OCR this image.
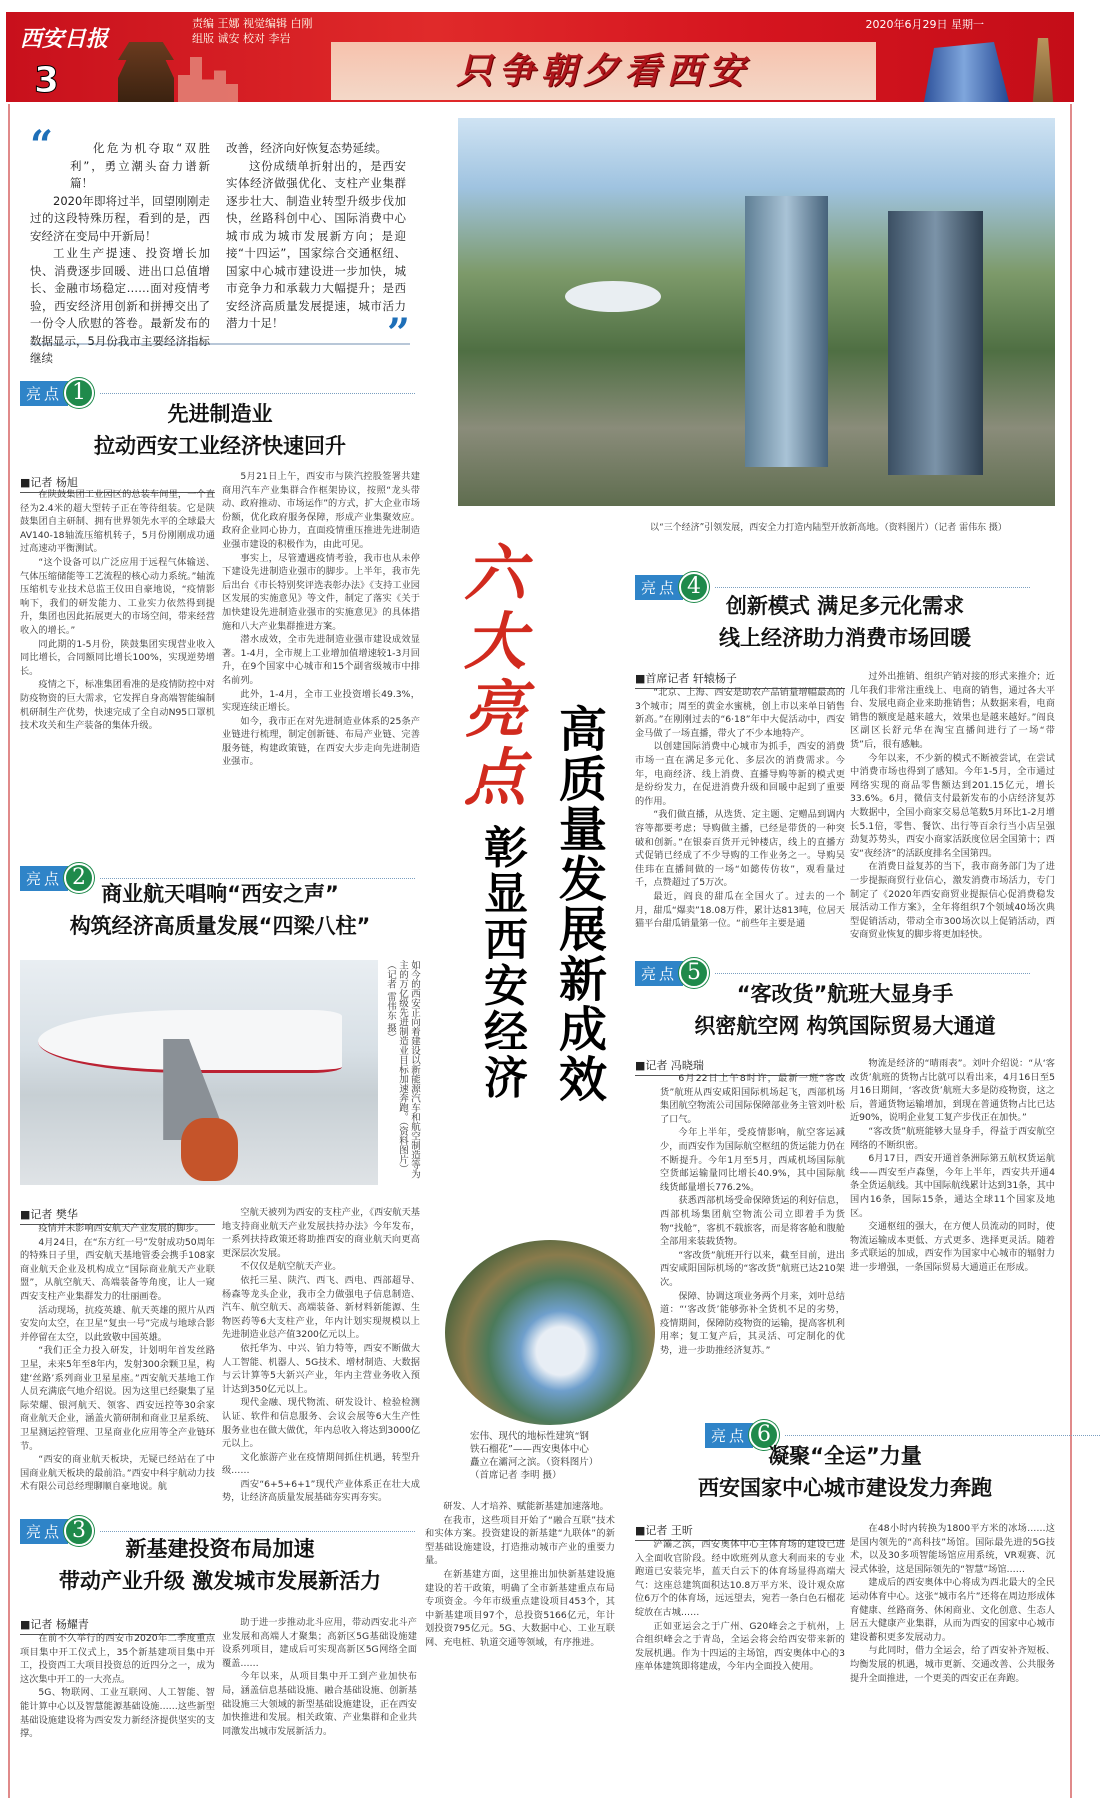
西安日报
3
责编 王娜 视觉编辑 白刚
组版 诚安 校对 李岩
只争朝夕看西安
2020年6月29日 星期一
“
”

化危为机夺取“双胜利”，勇立潮头奋力谱新篇！

2020年即将过半，回望刚刚走过的这段特殊历程，看到的是，西安经济在变局中开新局！

工业生产提速、投资增长加快、消费逐步回暖、进出口总值增长、金融市场稳定……面对疫情考验，西安经济用创新和拼搏交出了一份令人欣慰的答卷。最新发布的数据显示，5月份我市主要经济指标继续

改善，经济向好恢复态势延续。

这份成绩单折射出的，是西安实体经济做强优化、支柱产业集群逐步壮大、制造业转型升级步伐加快，丝路科创中心、国际消费中心城市成为城市发展新方向；是迎接“十四运”，国家综合交通枢纽、国家中心城市建设进一步加快，城市竞争力和承载力大幅提升；是西安经济高质量发展提速，城市活力潜力十足！

以“三个经济”引领发展，西安全力打造内陆型开放新高地。（资料图片）（记者 雷伟东 摄）
六大亮点
高质量发展新成效
彰显西安经济
亮点 1
先进制造业
拉动西安工业经济快速回升
■记者 杨旭

在陕鼓集团工业园区的总装车间里，一个直径为2.4米的超大型转子正在等待组装。它是陕鼓集团自主研制、拥有世界领先水平的全球最大AV140-18轴流压缩机转子，5月份刚刚成功通过高速动平衡测试。

“这个设备可以广泛应用于远程气体输送、气体压缩储能等工艺流程的核心动力系统。”轴流压缩机专业技术总监王仪田自豪地说，“疫情影响下，我们的研发能力、工业实力依然得到提升，集团也因此拓展更大的市场空间，带来经营收入的增长。”

同此期的1-5月份，陕鼓集团实现营业收入同比增长，合同额同比增长100%，实现逆势增长。

疫情之下，标准集团看准的是疫情防控中对防疫物资的巨大需求，它发挥自身高端智能编制机研制生产优势，快速完成了全自动N95口罩机技术攻关和生产装备的集体升级。

5月21日上午，西安市与陕汽控股签署共建商用汽车产业集群合作框架协议，按照“龙头带动、政府推动、市场运作”的方式，扩大企业市场份额，优化政府服务保障，形成产业集聚效应。政府企业同心协力，直面疫情重压推进先进制造业强市建设的积极作为，由此可见。

事实上，尽管遭遇疫情考验，我市也从未停下建设先进制造业强市的脚步。上半年，我市先后出台《市长特别奖评选表彰办法》《支持工业园区发展的实施意见》等文件，制定了落实《关于加快建设先进制造业强市的实施意见》的具体措施和八大产业集群推进方案。

潜水成效，全市先进制造业强市建设成效显著。1-4月，全市规上工业增加值增速较1-3月回升，在9个国家中心城市和15个副省级城市中排名前列。

此外，1-4月，全市工业投资增长49.3%，实现连续正增长。

如今，我市正在对先进制造业体系的25条产业链进行梳理，制定创新链、布局产业链、完善服务链，构建政策链，在西安大步走向先进制造业强市。

亮点 2
商业航天唱响“西安之声”
构筑经济高质量发展“四梁八柱”
■记者 樊华

疫情并未影响西安航天产业发展的脚步。

4月24日，在“东方红一号”发射成功50周年的特殊日子里，西安航天基地管委会携手108家商业航天企业及机构成立“国际商业航天产业联盟”，从航空航天、高端装备等角度，让人一窥西安支柱产业集群发力的壮丽画卷。

活动现场，抗疫英雄、航天英雄的照片从西安发向太空，在卫星“复虫一号”完成与地球合影并停留在太空，以此致敬中国英雄。

“我们正全力投入研发，计划明年首发丝路卫星，未来5年至8年内，发射300余颗卫星，构建‘丝路’系列商业卫星星座。”西安航天基地工作人员充满底气地介绍说。因为这里已经聚集了星际荣耀、银河航天、领客、西安远控等30余家商业航天企业，涵盖火箭研制和商业卫星系统、卫星测运控管理、卫星商业化应用等全产业链环节。

“西安的商业航天板块，无疑已经站在了中国商业航天板块的最前沿。”西安中科宇航动力技术有限公司总经理聊顺自豪地说。航

空航天被列为西安的支柱产业，《西安航天基地支持商业航天产业发展扶持办法》今年发布，一系列扶持政策还将助推西安的商业航天向更高更深层次发展。

不仅仅是航空航天产业。

依托三星、陕汽、西飞、西电、西部超导、杨森等龙头企业，我市全力做强电子信息制造、汽车、航空航天、高端装备、新材料新能源、生物医药等6大支柱产业，年内计划实现规模以上先进制造业总产值3200亿元以上。

依托华为、中兴、铂力特等，西安不断做大人工智能、机器人、5G技术、增材制造、大数据与云计算等5大新兴产业，年内主营业务收入预计达到350亿元以上。

现代金融、现代物流、研发设计、检验检测认证、软件和信息服务、会议会展等6大生产性服务业也在做大做优，年内总收入将达到3000亿元以上。

文化旅游产业在疫情期间抓住机遇，转型升级……

西安“6+5+6+1”现代产业体系正在壮大成势，让经济高质量发展基础夯实再夯实。

亮点 3
新基建投资布局加速
带动产业升级 激发城市发展新活力
■记者 杨耀青

在前不久举行的西安市2020年二季度重点项目集中开工仪式上，35个新基建项目集中开工，投资西工大项目投资总的近四分之一，成为这次集中开工的一大亮点。

5G、物联网、工业互联网、人工智能、智能计算中心以及智慧能源基础设施……这些新型基础设施建设将为西安发力新经济提供坚实的支撑。

助于进一步推动北斗应用，带动西安北斗产业发展和高端人才聚集；高新区5G基础设施建设系列项目，建成后可实现高新区5G网络全面覆盖……

今年以来，从项目集中开工到产业加快布局，涵盖信息基础设施、融合基础设施、创新基础设施三大领域的新型基础设施建设，正在西安加快推进和发展。相关政策、产业集群和企业共同激发出城市发展新活力。

研发、人才培养、赋能新基建加速落地。

在我市，这些项目开始了“融合互联”技术和实体方案。投资建设的新基建“九联体”的新型基础设施建设，打造推动城市产业的重要力量。

在新基建方面，这里推出加快新基建设施建设的若干政策，明确了全市新基建重点布局专项资金。今年市级重点建设项目453个，其中新基建项目97个，总投资5166亿元，年计划投资795亿元。5G、大数据中心、工业互联网、充电桩、轨道交通等领域，有序推进。

亮点 4
创新模式 满足多元化需求
线上经济助力消费市场回暖
■首席记者 轩辕杨子

“北京、上海、西安是助农产品销量增幅最高的3个城市；周至的黄金水蜜桃，创上市以来单日销售新高。”在刚刚过去的“6·18”年中大促活动中，西安金马做了一场直播，带火了不少本地特产。

以创建国际消费中心城市为抓手，西安的消费市场一直在满足多元化、多层次的消费需求。今年，电商经济、线上消费、直播导购等新的模式更是纷纷发力，在促进消费升级和回暖中起到了重要的作用。

“我们做直播，从选货、定主题、定赠品到调内容等都要考虑；导购做主播，已经是带货的一种突破和创新。”在银泰百货开元钟楼店，线上的直播方式促销已经成了不少导购的工作业务之一。导购吴佳玮在直播间做的一场“如懿传仿妆”，观看量过千，点赞超过了5万次。

最近，阎良的甜瓜在全国火了。过去的一个月，甜瓜“爆卖”18.08万件，累计达813吨，位居天猫平台甜瓜销量第一位。“前些年主要是通

过外出推销、组织产销对接的形式来推介；近几年我们非常注重线上、电商的销售，通过各大平台、发展电商企业来助推销售；从数据来看，电商销售的额度是越来越大，效果也是越来越好。”阎良区副区长舒元华在淘宝直播间进行了一场“带货”后，很有感触。

今年以来，不少新的模式不断被尝试，在尝试中消费市场也得到了感知。今年1-5月，全市通过网络实现的商品零售额达到201.15亿元，增长33.6%。6月，微信支付最新发布的小店经济复苏大数据中，全国小商家交易总笔数5月环比1-2月增长5.1倍，零售、餐饮、出行等百余行当小店呈强劲复苏势头，西安小商家活跃度位居全国第十；西安“夜经济”的活跃度排名全国第四。

在消费日益复苏的当下，我市商务部门为了进一步提振商贸行业信心，激发消费市场活力，专门制定了《2020年西安商贸业提振信心促消费稳发展活动工作方案》，全年将组织7个领域40场次典型促销活动，带动全市300场次以上促销活动，西安商贸业恢复的脚步将更加轻快。

亮点 5
“客改货”航班大显身手
织密航空网 构筑国际贸易大通道
■记者 冯晓瑞

6月22日上午8时许，最新一班“客改货”航班从西安咸阳国际机场起飞，西部机场集团航空物流公司国际保障部业务主管刘叶松了口气。

今年上半年，受疫情影响，航空客运减少，而西安作为国际航空枢纽的货运能力仍在不断提升。今年1月至5月，西咸机场国际航空货邮运输量同比增长40.9%，其中国际航线货邮量增长776.2%。

获悉西部机场受命保障货运的利好信息，西部机场集团航空物流公司立即着手为货物“找舱”，客机不载旅客，而是将客舱和腹舱全部用来装载货物。

“客改货”航班开行以来，截至目前，进出西安咸阳国际机场的“客改货”航班已达210架次。

保障、协调这项业务两个月来，刘叶总结道：“‘客改货’能够弥补全货机不足的劣势，疫情期间，保障防疫物资的运输，提高客机利用率；复工复产后，其灵活、可定制化的优势，进一步助推经济复苏。”

物流是经济的“晴雨表”。刘叶介绍说：“从‘客改货’航班的货物占比就可以看出来，4月16日至5月16日期间，‘客改货’航班大多是防疫物资，这之后，普通货物运输增加，到现在普通货物占比已达近90%，说明企业复工复产步伐正在加快。”

“客改货”航班能够大显身手，得益于西安航空网络的不断织密。

6月17日，西安开通首条洲际第五航权货运航线——西安至卢森堡，今年上半年，西安共开通4条全货运航线。其中国际航线累计达到31条，其中国内16条，国际15条，通达全球11个国家及地区。

交通枢纽的强大，在方便人员流动的同时，使物流运输成本更低、方式更多、选择更灵活。随着多式联运的加成，西安作为国家中心城市的辐射力进一步增强，一条国际贸易大通道正在形成。

亮点 6
凝聚“全运”力量
西安国家中心城市建设发力奔跑
■记者 王昕

浐灞之滨，西安奥体中心主体育场的建设已进入全面收官阶段。经中欧班列从意大利而来的专业跑道已安装完毕，蓝天白云下的体育场显得高端大气：这座总建筑面积达10.8万平方米、设计观众席位6万个的体育场，远远望去，宛若一条白色石榴花绽放在古城……

正如亚运会之于广州、G20峰会之于杭州，上合组织峰会之于青岛，全运会将会给西安带来新的发展机遇。作为十四运的主场馆，西安奥体中心的3座单体建筑即将建成，今年内全面投入使用。

在48小时内转换为1800平方米的冰场……这是国内领先的“高科技”场馆。国际最先进的5G技术，以及30多项智能场馆应用系统，VR观赛、沉浸式体验，这是国际领先的“智慧”场馆……

建成后的西安奥体中心将成为西北最大的全民运动体育中心。这张“城市名片”还将在周边形成体育健康、丝路商务、休闲商业、文化创意、生态人居五大健康产业集群，从而为西安的国家中心城市建设蓄积更多发展动力。

与此同时，借力全运会，给了西安补齐短板、均衡发展的机遇，城市更新、交通改善、公共服务提升全面推进，一个更美的西安正在奔跑。

如今的西安正向着建设以新能源汽车和航空制造等为主的万亿级先进制造业目标加速奔跑。（资料图片）（记者 雷伟东 摄）
宏伟、现代的地标性建筑“钢铁石榴花”——西安奥体中心矗立在灞河之滨。（资料图片）（首席记者 李明 摄）
